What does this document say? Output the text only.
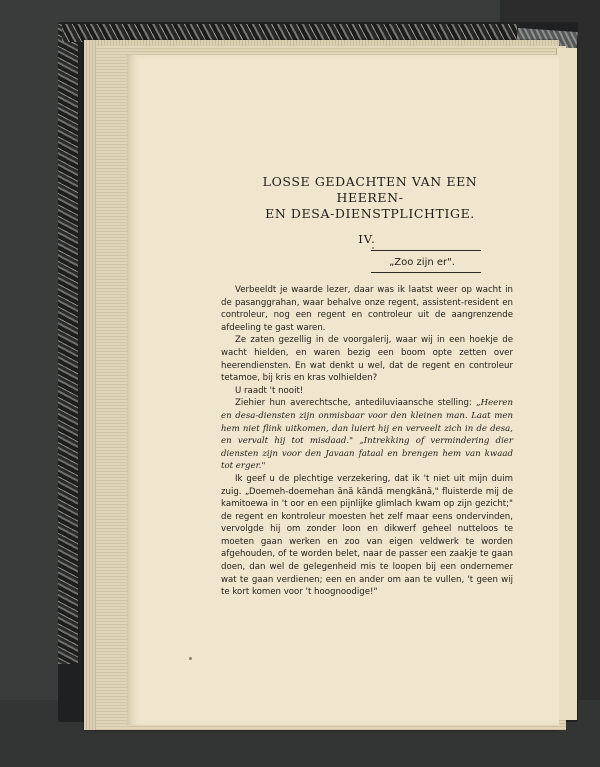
LOSSE GEDACHTEN VAN EEN HEEREN-
EN DESA-DIENSTPLICHTIGE.
IV.
„Zoo zijn er".

Verbeeldt je waarde lezer, daar was ik laatst weer op wacht in de pasanggrahan, waar behalve onze regent, assistent-resident en controleur, nog een regent en controleur uit de aangrenzende afdeeling te gast waren.

Ze zaten gezellig in de voorgalerij, waar wij in een hoekje de wacht hielden, en waren bezig een boom opte zetten over heerendiensten. En wat denkt u wel, dat de regent en controleur tetamoe, bij kris en kras volhielden?

U raadt 't nooit!

Ziehier hun averechtsche, antediluviaansche stelling: „Heeren en desa-diensten zijn onmisbaar voor den kleinen man. Laat men hem niet flink uitkomen, dan luiert hij en verveelt zich in de desa, en vervalt hij tot misdaad." „Intrekking of vermindering dier diensten zijn voor den Javaan fataal en brengen hem van kwaad tot erger."

Ik geef u de plechtige verzekering, dat ik 't niet uit mijn duim zuig. „Doemeh-doemehan ănă kăndă mengkănă," fluisterde mij de kamitoewa in 't oor en een pijnlijke glimlach kwam op zijn gezicht;" de regent en kontroleur moesten het zelf maar eens ondervinden, vervolgde hij om zonder loon en dikwerf geheel nutteloos te moeten gaan werken en zoo van eigen veldwerk te worden afgehouden, of te worden belet, naar de passer een zaakje te gaan doen, dan wel de gelegenheid mis te loopen bij een ondernemer wat te gaan verdienen; een en ander om aan te vullen, 't geen wij te kort komen voor 't hoognoodige!"
